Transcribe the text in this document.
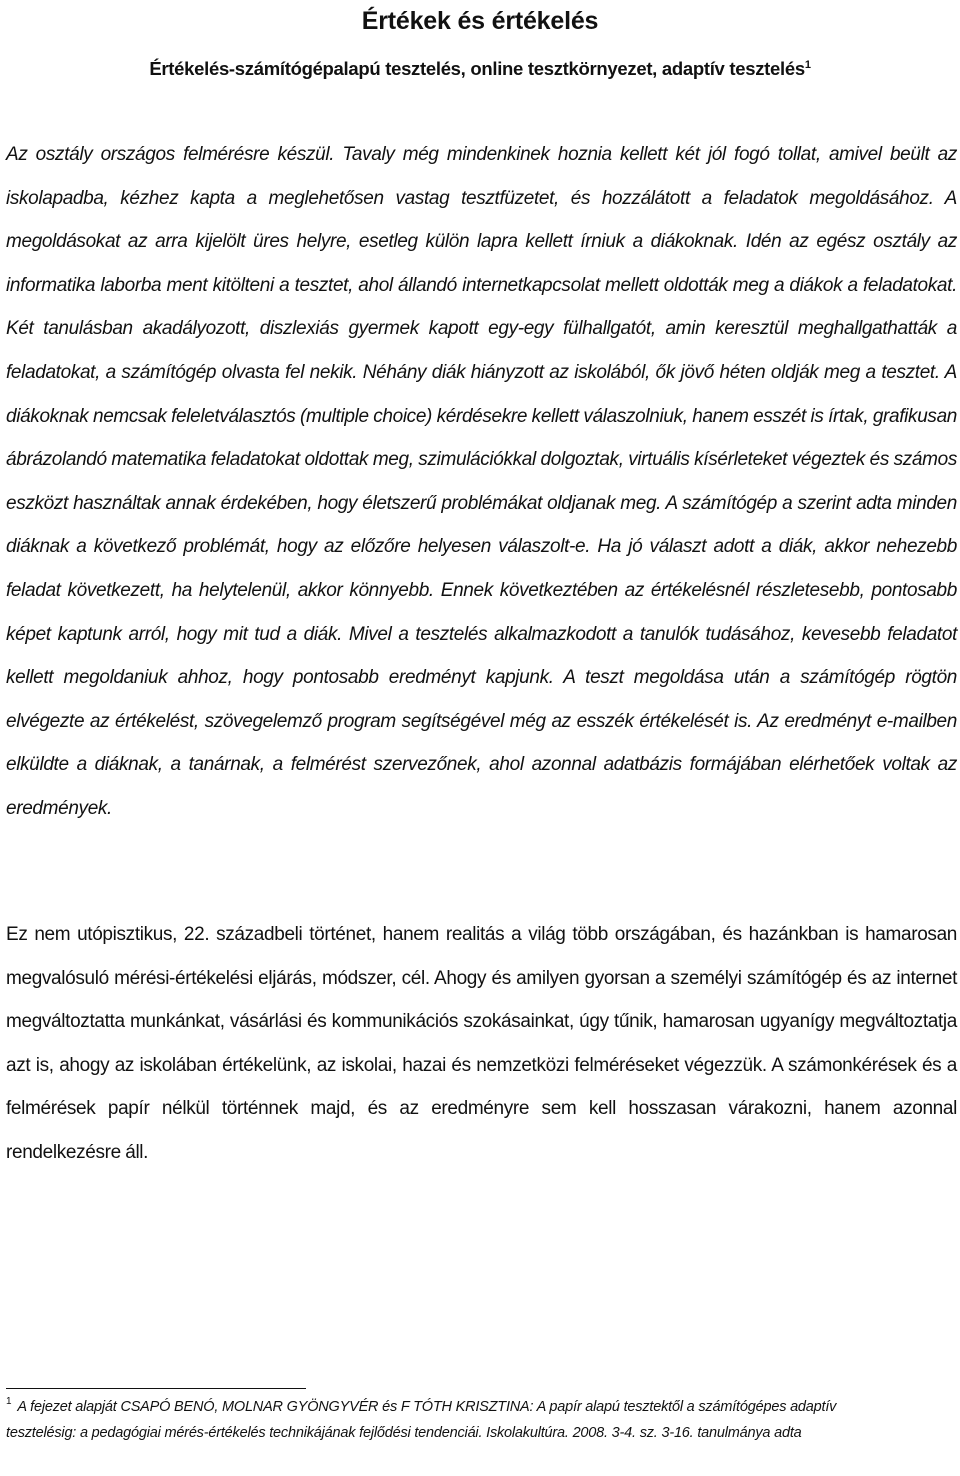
Értékek és értékelés
Értékelés-számítógépalapú tesztelés, online tesztkörnyezet, adaptív tesztelés$^1$

Az osztály országos felmérésre készül. Tavaly még mindenkinek hoznia kellett két jól fogó tollat, amivel beült az iskolapadba, kézhez kapta a meglehetősen vastag tesztfüzetet, és hozzálátott a feladatok megoldásához. A megoldásokat az arra kijelölt üres helyre, esetleg külön lapra kellett írniuk a diákoknak. Idén az egész osztály az informatika laborba ment kitölteni a tesztet, ahol állandó internetkapcsolat mellett oldották meg a diákok a feladatokat. Két tanulásban akadályozott, diszlexiás gyermek kapott egy-egy fülhallgatót, amin keresztül meghallgathatták a feladatokat, a számítógép olvasta fel nekik. Néhány diák hiányzott az iskolából, ők jövő héten oldják meg a tesztet. A diákoknak nemcsak feleletválasztós (multiple choice) kérdésekre kellett válaszolniuk, hanem esszét is írtak, grafikusan ábrázolandó matematika feladatokat oldottak meg, szimulációkkal dolgoztak, virtuális kísérleteket végeztek és számos eszközt használtak annak érdekében, hogy életszerű problémákat oldjanak meg. A számítógép a szerint adta minden diáknak a következő problémát, hogy az előzőre helyesen válaszolt-e. Ha jó választ adott a diák, akkor nehezebb feladat következett, ha helytelenül, akkor könnyebb. Ennek következtében az értékelésnél részletesebb, pontosabb képet kaptunk arról, hogy mit tud a diák. Mivel a tesztelés alkalmazkodott a tanulók tudásához, kevesebb feladatot kellett megoldaniuk ahhoz, hogy pontosabb eredményt kapjunk. A teszt megoldása után a számítógép rögtön elvégezte az értékelést, szövegelemző program segítségével még az esszék értékelését is. Az eredményt e-mailben elküldte a diáknak, a tanárnak, a felmérést szervezőnek, ahol azonnal adatbázis formájában elérhetőek voltak az eredmények.

Ez nem utópisztikus, 22. századbeli történet, hanem realitás a világ több országában, és hazánkban is hamarosan megvalósuló mérési-értékelési eljárás, módszer, cél. Ahogy és amilyen gyorsan a személyi számítógép és az internet megváltoztatta munkánkat, vásárlási és kommunikációs szokásainkat, úgy tűnik, hamarosan ugyanígy megváltoztatja azt is, ahogy az iskolában értékelünk, az iskolai, hazai és nemzetközi felméréseket végezzük. A számonkérések és a felmérések papír nélkül történnek majd, és az eredményre sem kell hosszasan várakozni, hanem azonnal rendelkezésre áll.

$^1$ A fejezet alapját CSAPÓ BENÓ, MOLNAR GYÖNGYVÉR és F TÓTH KRISZTINA: A papír alapú tesztektől a számítógépes adaptív tesztelésig: a pedagógiai mérés-értékelés technikájának fejlődési tendenciái. Iskolakultúra. 2008. 3-4. sz. 3-16. tanulmánya adta
